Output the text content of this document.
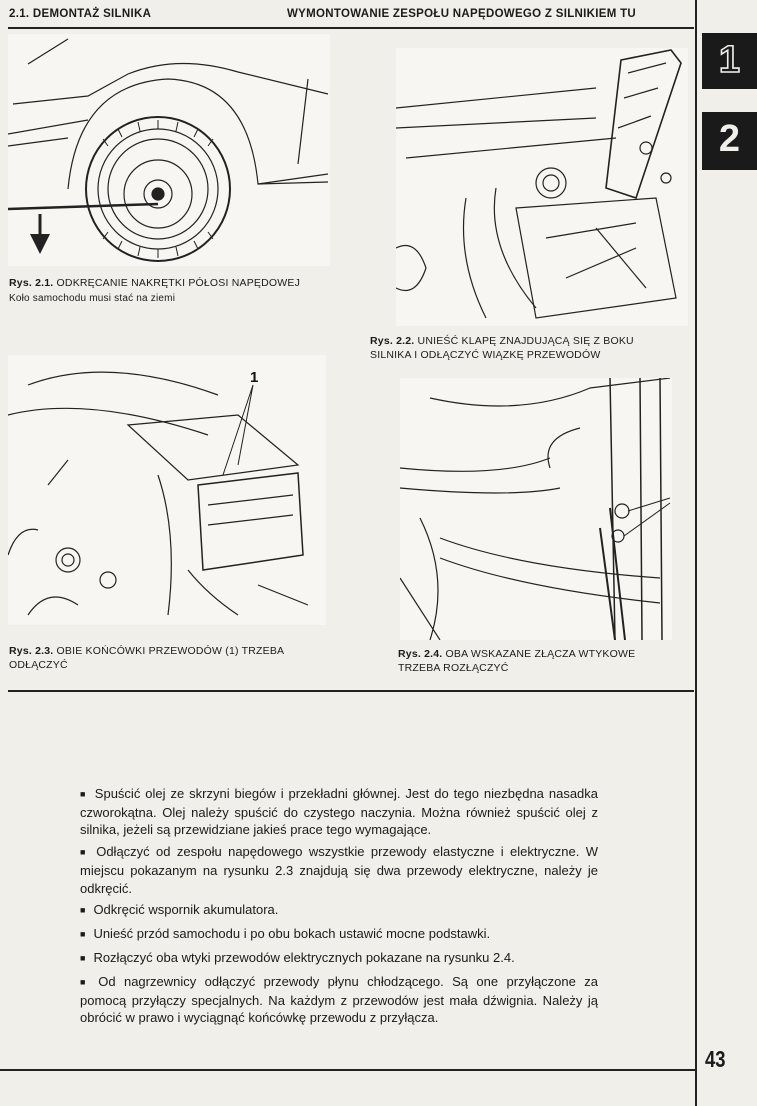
2.1. DEMONTAŻ SILNIKA	WYMONTOWANIE ZESPOŁU NAPĘDOWEGO Z SILNIKIEM TU
1
2
Rys. 2.1. ODKRĘCANIE NAKRĘTKI PÓŁOSI NAPĘDOWEJ
Koło samochodu musi stać na ziemi
Rys. 2.2. UNIEŚĆ KLAPĘ ZNAJDUJĄCĄ SIĘ Z BOKU
SILNIKA I ODŁĄCZYĆ WIĄZKĘ PRZEWODÓW
1
Rys. 2.3. OBIE KOŃCÓWKI PRZEWODÓW (1) TRZEBA
ODŁĄCZYĆ
Rys. 2.4. OBA WSKAZANE ZŁĄCZA WTYKOWE
TRZEBA ROZŁĄCZYĆ

■ Spuścić olej ze skrzyni biegów i przekładni głównej. Jest do tego niezbędna nasadka czworokątna. Olej należy spuścić do czystego naczynia. Można również spuścić olej z silnika, jeżeli są przewidziane jakieś prace tego wymagające.

■ Odłączyć od zespołu napędowego wszystkie przewody elastyczne i elektryczne. W miejscu pokazanym na rysunku 2.3 znajdują się dwa przewody elektryczne, należy je odkręcić.

■ Odkręcić wspornik akumulatora.

■ Unieść przód samochodu i po obu bokach ustawić mocne podstawki.

■ Rozłączyć oba wtyki przewodów elektrycznych pokazane na rysunku 2.4.

■ Od nagrzewnicy odłączyć przewody płynu chłodzącego. Są one przyłączone za pomocą przyłączy specjalnych. Na każdym z przewodów jest mała dźwignia. Należy ją obrócić w prawo i wyciągnąć końcówkę przewodu z przyłącza.

43
